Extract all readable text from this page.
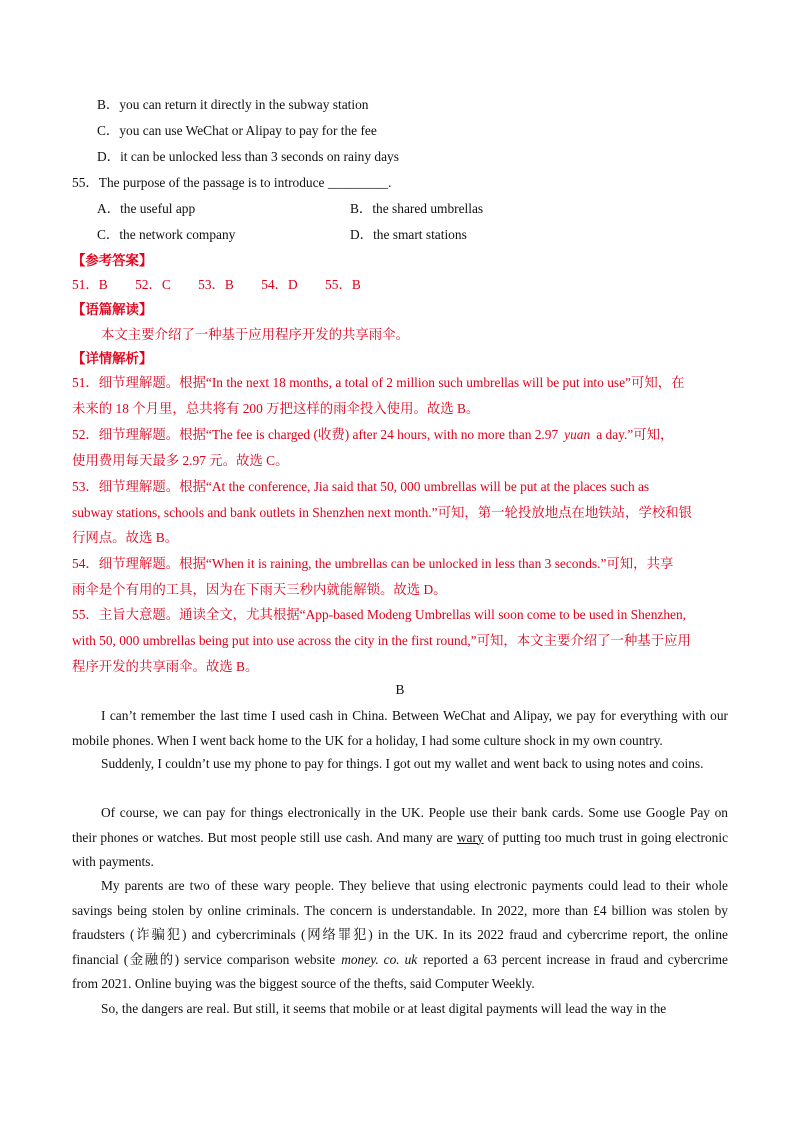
B．you can return it directly in the subway station
C．you can use WeChat or Alipay to pay for the fee
D．it can be unlocked less than 3 seconds on rainy days
55．The purpose of the passage is to introduce _________.
A．the useful app	B．the shared umbrellas
C．the network company	D．the smart stations
【参考答案】
51．B 52．C 53．B 54．D 55．B
【语篇解读】
本文主要介绍了一种基于应用程序开发的共享雨伞。
【详情解析】
51．细节理解题。根据“In the next 18 months, a total of 2 million such umbrellas will be put into use”可知，在
未来的 18 个月里，总共将有 200 万把这样的雨伞投入使用。故选 B。
52．细节理解题。根据“The fee is charged (收费) after 24 hours, with no more than 2.97 yuan a day.”可知，
使用费用每天最多 2.97 元。故选 C。
53．细节理解题。根据“At the conference, Jia said that 50, 000 umbrellas will be put at the places such as
subway stations, schools and bank outlets in Shenzhen next month.”可知，第一轮投放地点在地铁站，学校和银
行网点。故选 B。
54．细节理解题。根据“When it is raining, the umbrellas can be unlocked in less than 3 seconds.”可知，共享
雨伞是个有用的工具，因为在下雨天三秒内就能解锁。故选 D。
55．主旨大意题。通读全文，尤其根据“App-based Modeng Umbrellas will soon come to be used in Shenzhen,
with 50, 000 umbrellas being put into use across the city in the first round,”可知，本文主要介绍了一种基于应用
程序开发的共享雨伞。故选 B。
B
I can’t remember the last time I used cash in China. Between WeChat and Alipay, we pay for everything with our mobile phones. When I went back home to the UK for a holiday, I had some culture shock in my own country.
Suddenly, I couldn’t use my phone to pay for things. I got out my wallet and went back to using notes and coins.
Of course, we can pay for things electronically in the UK. People use their bank cards. Some use Google Pay on their phones or watches. But most people still use cash. And many are wary of putting too much trust in going electronic with payments.
My parents are two of these wary people. They believe that using electronic payments could lead to their whole savings being stolen by online criminals. The concern is understandable. In 2022, more than £4 billion was stolen by fraudsters (诈骗犯) and cybercriminals (网络罪犯) in the UK. In its 2022 fraud and cybercrime report, the online financial (金融的) service comparison website money. co. uk reported a 63 percent increase in fraud and cybercrime from 2021. Online buying was the biggest source of the thefts, said Computer Weekly.
So, the dangers are real. But still, it seems that mobile or at least digital payments will lead the way in the
